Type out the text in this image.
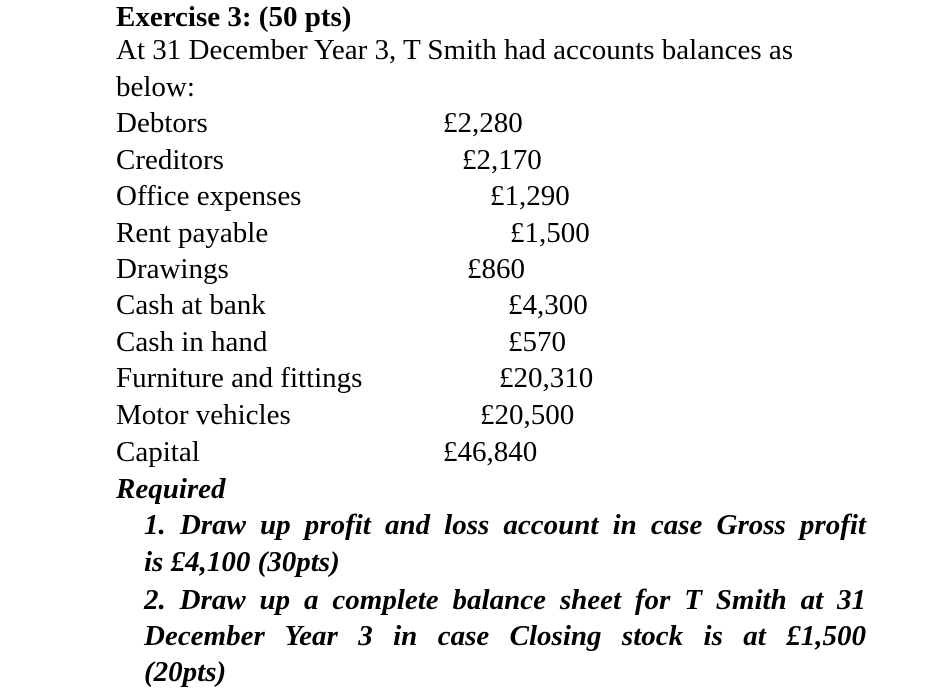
Exercise 3: (50 pts)
At 31 December Year 3, T Smith had accounts balances as
below:
Debtors	£2,280
Creditors	£2,170
Office expenses	£1,290
Rent payable	£1,500
Drawings	£860
Cash at bank	£4,300
Cash in hand	£570
Furniture and fittings	£20,310
Motor vehicles	£20,500
Capital	£46,840
Required
1. Draw up profit and loss account in case Gross profit
is £4,100 (30pts)
2. Draw up a complete balance sheet for T Smith at 31
December Year 3 in case Closing stock is at £1,500
(20pts)
